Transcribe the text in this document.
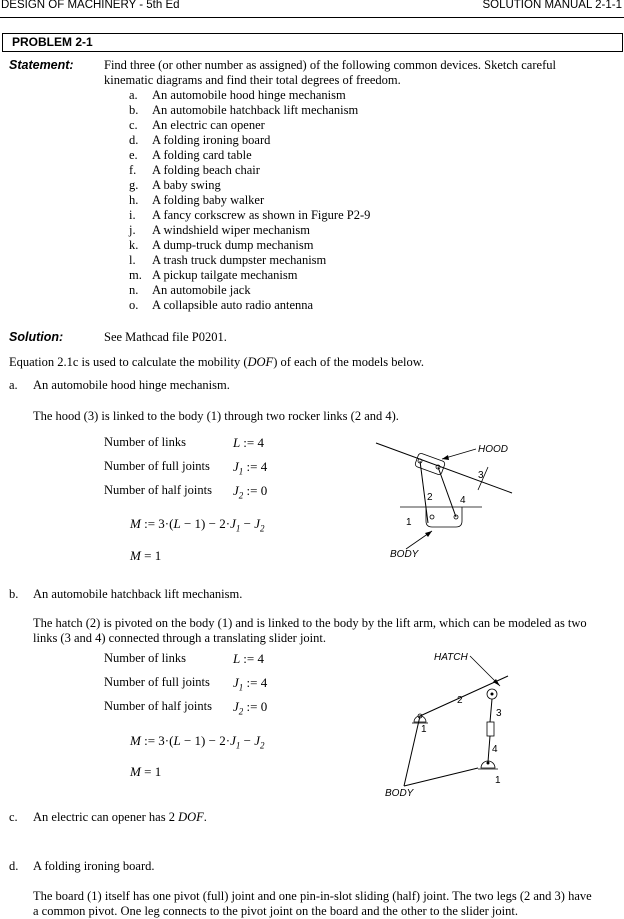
DESIGN OF MACHINERY - 5th Ed	SOLUTION MANUAL 2-1-1
PROBLEM 2-1
Statement: Find three (or other number as assigned) of the following common devices. Sketch careful
kinematic diagrams and find their total degrees of freedom.
a. An automobile hood hinge mechanism
b. An automobile hatchback lift mechanism
c. An electric can opener
d. A folding ironing board
e. A folding card table
f. A folding beach chair
g. A baby swing
h. A folding baby walker
i. A fancy corkscrew as shown in Figure P2-9
j. A windshield wiper mechanism
k. A dump-truck dump mechanism
l. A trash truck dumpster mechanism
m. A pickup tailgate mechanism
n. An automobile jack
o. A collapsible auto radio antenna
Solution:	See Mathcad file P0201.
Equation 2.1c is used to calculate the mobility (DOF) of each of the models below.
a. An automobile hood hinge mechanism.
The hood (3) is linked to the body (1) through two rocker links (2 and 4).
Number of links	L := 4
Number of full joints $J_1$ := 4
Number of half joints $J_2$ := 0
M := $3\cdot(L - 1) - 2\cdot J_1 - J_2$
M = 1
HOOD
BODY
1
2
3
4
b. An automobile hatchback lift mechanism.
The hatch (2) is pivoted on the body (1) and is linked to the body by the lift arm, which can be modeled as two
links (3 and 4) connected through a translating slider joint.
Number of links	L := 4
Number of full joints $J_1$ := 4
Number of half joints $J_2$ := 0
M := $3\cdot(L - 1) - 2\cdot J_1 - J_2$
M = 1
HATCH
BODY
1
2
3
4
1
c. An electric can opener has 2 DOF.
d. A folding ironing board.
The board (1) itself has one pivot (full) joint and one pin-in-slot sliding (half) joint. The two legs (2 and 3) have
a common pivot. One leg connects to the pivot joint on the board and the other to the slider joint.
